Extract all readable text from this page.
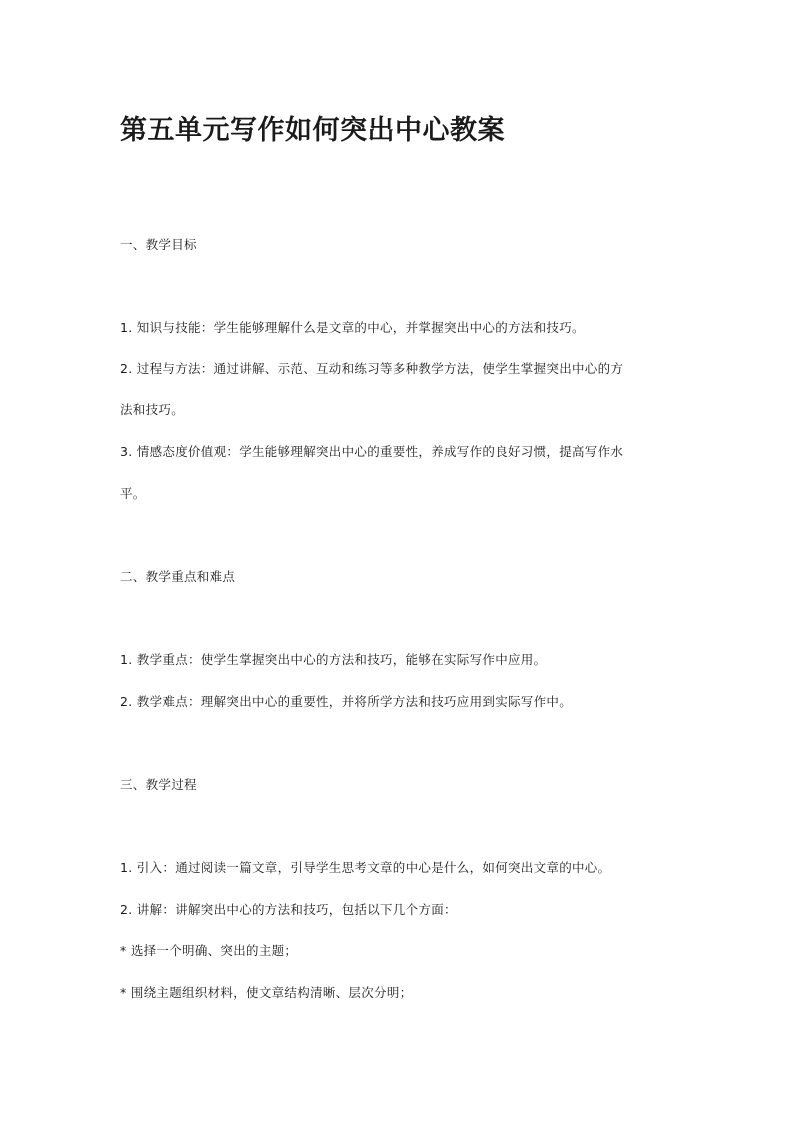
第五单元写作如何突出中心教案
一、教学目标
1. 知识与技能：学生能够理解什么是文章的中心，并掌握突出中心的方法和技巧。
2. 过程与方法：通过讲解、示范、互动和练习等多种教学方法，使学生掌握突出中心的方
法和技巧。
3. 情感态度价值观：学生能够理解突出中心的重要性，养成写作的良好习惯，提高写作水
平。
二、教学重点和难点
1. 教学重点：使学生掌握突出中心的方法和技巧，能够在实际写作中应用。
2. 教学难点：理解突出中心的重要性，并将所学方法和技巧应用到实际写作中。
三、教学过程
1. 引入：通过阅读一篇文章，引导学生思考文章的中心是什么，如何突出文章的中心。
2. 讲解：讲解突出中心的方法和技巧，包括以下几个方面：
* 选择一个明确、突出的主题；
* 围绕主题组织材料，使文章结构清晰、层次分明；
